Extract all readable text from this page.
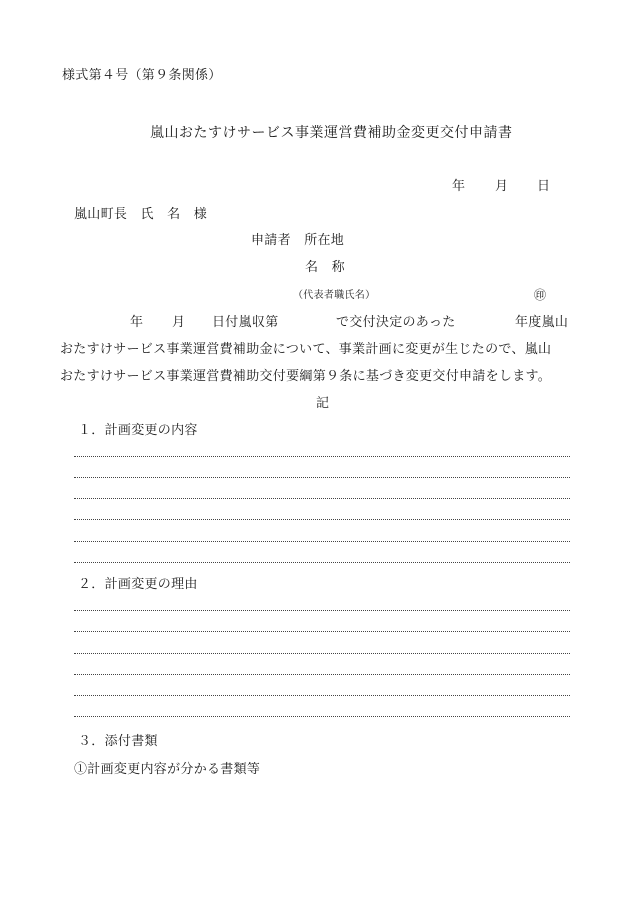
様式第４号（第９条関係）
嵐山おたすけサービス事業運営費補助金変更交付申請書
年 月 日
嵐山町長　氏　名　様
申請者　所在地
名　称
（代表者職氏名）	㊞
年 月 日付嵐収第	で交付決定のあった	年度嵐山
おたすけサービス事業運営費補助金について、事業計画に変更が生じたので、嵐山
おたすけサービス事業運営費補助交付要綱第９条に基づき変更交付申請をします。
記
１．計画変更の内容
２．計画変更の理由
３．添付書類
①計画変更内容が分かる書類等
